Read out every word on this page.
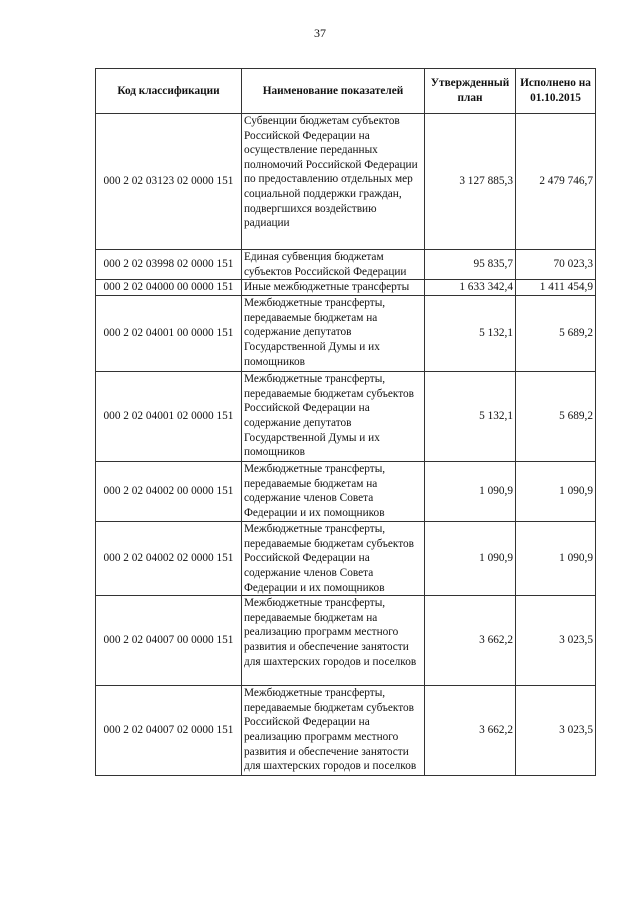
37
Код классификации	Наименование показателей	Утвержденный план	Исполнено на 01.10.2015
000 2 02 03123 02 0000 151	Субвенции бюджетам субъектов Российской Федерации на осуществление переданных полномочий Российской Федерации по предоставлению отдельных мер социальной поддержки граждан, подвергшихся воздействию радиации	3 127 885,3	2 479 746,7
000 2 02 03998 02 0000 151	Единая субвенция бюджетам субъектов Российской Федерации	95 835,7	70 023,3
000 2 02 04000 00 0000 151	Иные межбюджетные трансферты	1 633 342,4	1 411 454,9
000 2 02 04001 00 0000 151	Межбюджетные трансферты, передаваемые бюджетам на содержание депутатов Государственной Думы и их помощников	5 132,1	5 689,2
000 2 02 04001 02 0000 151	Межбюджетные трансферты, передаваемые бюджетам субъектов Российской Федерации на содержание депутатов Государственной Думы и их помощников	5 132,1	5 689,2
000 2 02 04002 00 0000 151	Межбюджетные трансферты, передаваемые бюджетам на содержание членов Совета Федерации и их помощников	1 090,9	1 090,9
000 2 02 04002 02 0000 151	Межбюджетные трансферты, передаваемые бюджетам субъектов Российской Федерации на содержание членов Совета Федерации и их помощников	1 090,9	1 090,9
000 2 02 04007 00 0000 151	Межбюджетные трансферты, передаваемые бюджетам на реализацию программ местного развития и обеспечение занятости для шахтерских городов и поселков	3 662,2	3 023,5
000 2 02 04007 02 0000 151	Межбюджетные трансферты, передаваемые бюджетам субъектов Российской Федерации на реализацию программ местного развития и обеспечение занятости для шахтерских городов и поселков	3 662,2	3 023,5
